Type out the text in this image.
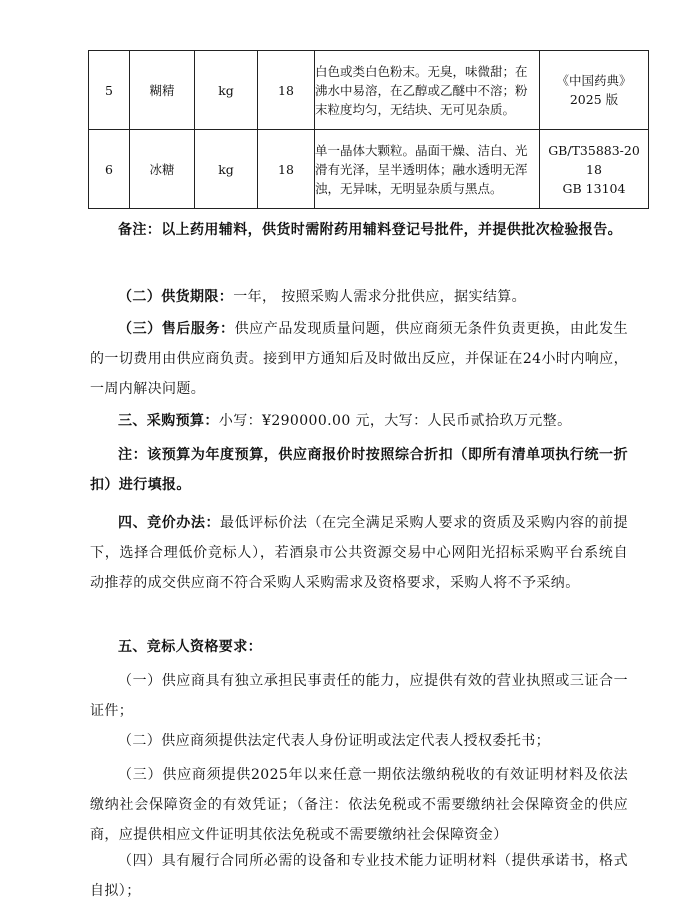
5	糊精	kg	18	白色或类白色粉末。无臭，味微甜；在沸水中易溶，在乙醇或乙醚中不溶；粉末粒度均匀，无结块、无可见杂质。	《中国药典》
2025 版

6	冰糖	kg	18	单一晶体大颗粒。晶面干燥、洁白、光滑有光泽，呈半透明体；融水透明无浑浊，无异味，无明显杂质与黑点。	GB/T35883-20
18
GB 13104
备注：以上药用辅料，供货时需附药用辅料登记号批件，并提供批次检验报告。
（二）供货期限：一年， 按照采购人需求分批供应，据实结算。
（三）售后服务：供应产品发现质量问题，供应商须无条件负责更换，由此发生的一切费用由供应商负责。接到甲方通知后及时做出反应，并保证在24小时内响应，一周内解决问题。
三、采购预算：小写：¥290000.00 元，大写：人民币贰拾玖万元整。
注：该预算为年度预算，供应商报价时按照综合折扣（即所有清单项执行统一折扣）进行填报。
四、竞价办法：最低评标价法（在完全满足采购人要求的资质及采购内容的前提下，选择合理低价竞标人），若酒泉市公共资源交易中心网阳光招标采购平台系统自动推荐的成交供应商不符合采购人采购需求及资格要求，采购人将不予采纳。
五、竞标人资格要求：
（一）供应商具有独立承担民事责任的能力，应提供有效的营业执照或三证合一证件；
（二）供应商须提供法定代表人身份证明或法定代表人授权委托书；
（三）供应商须提供2025年以来任意一期依法缴纳税收的有效证明材料及依法缴纳社会保障资金的有效凭证；（备注：依法免税或不需要缴纳社会保障资金的供应商，应提供相应文件证明其依法免税或不需要缴纳社会保障资金）
（四）具有履行合同所必需的设备和专业技术能力证明材料（提供承诺书，格式自拟）；
